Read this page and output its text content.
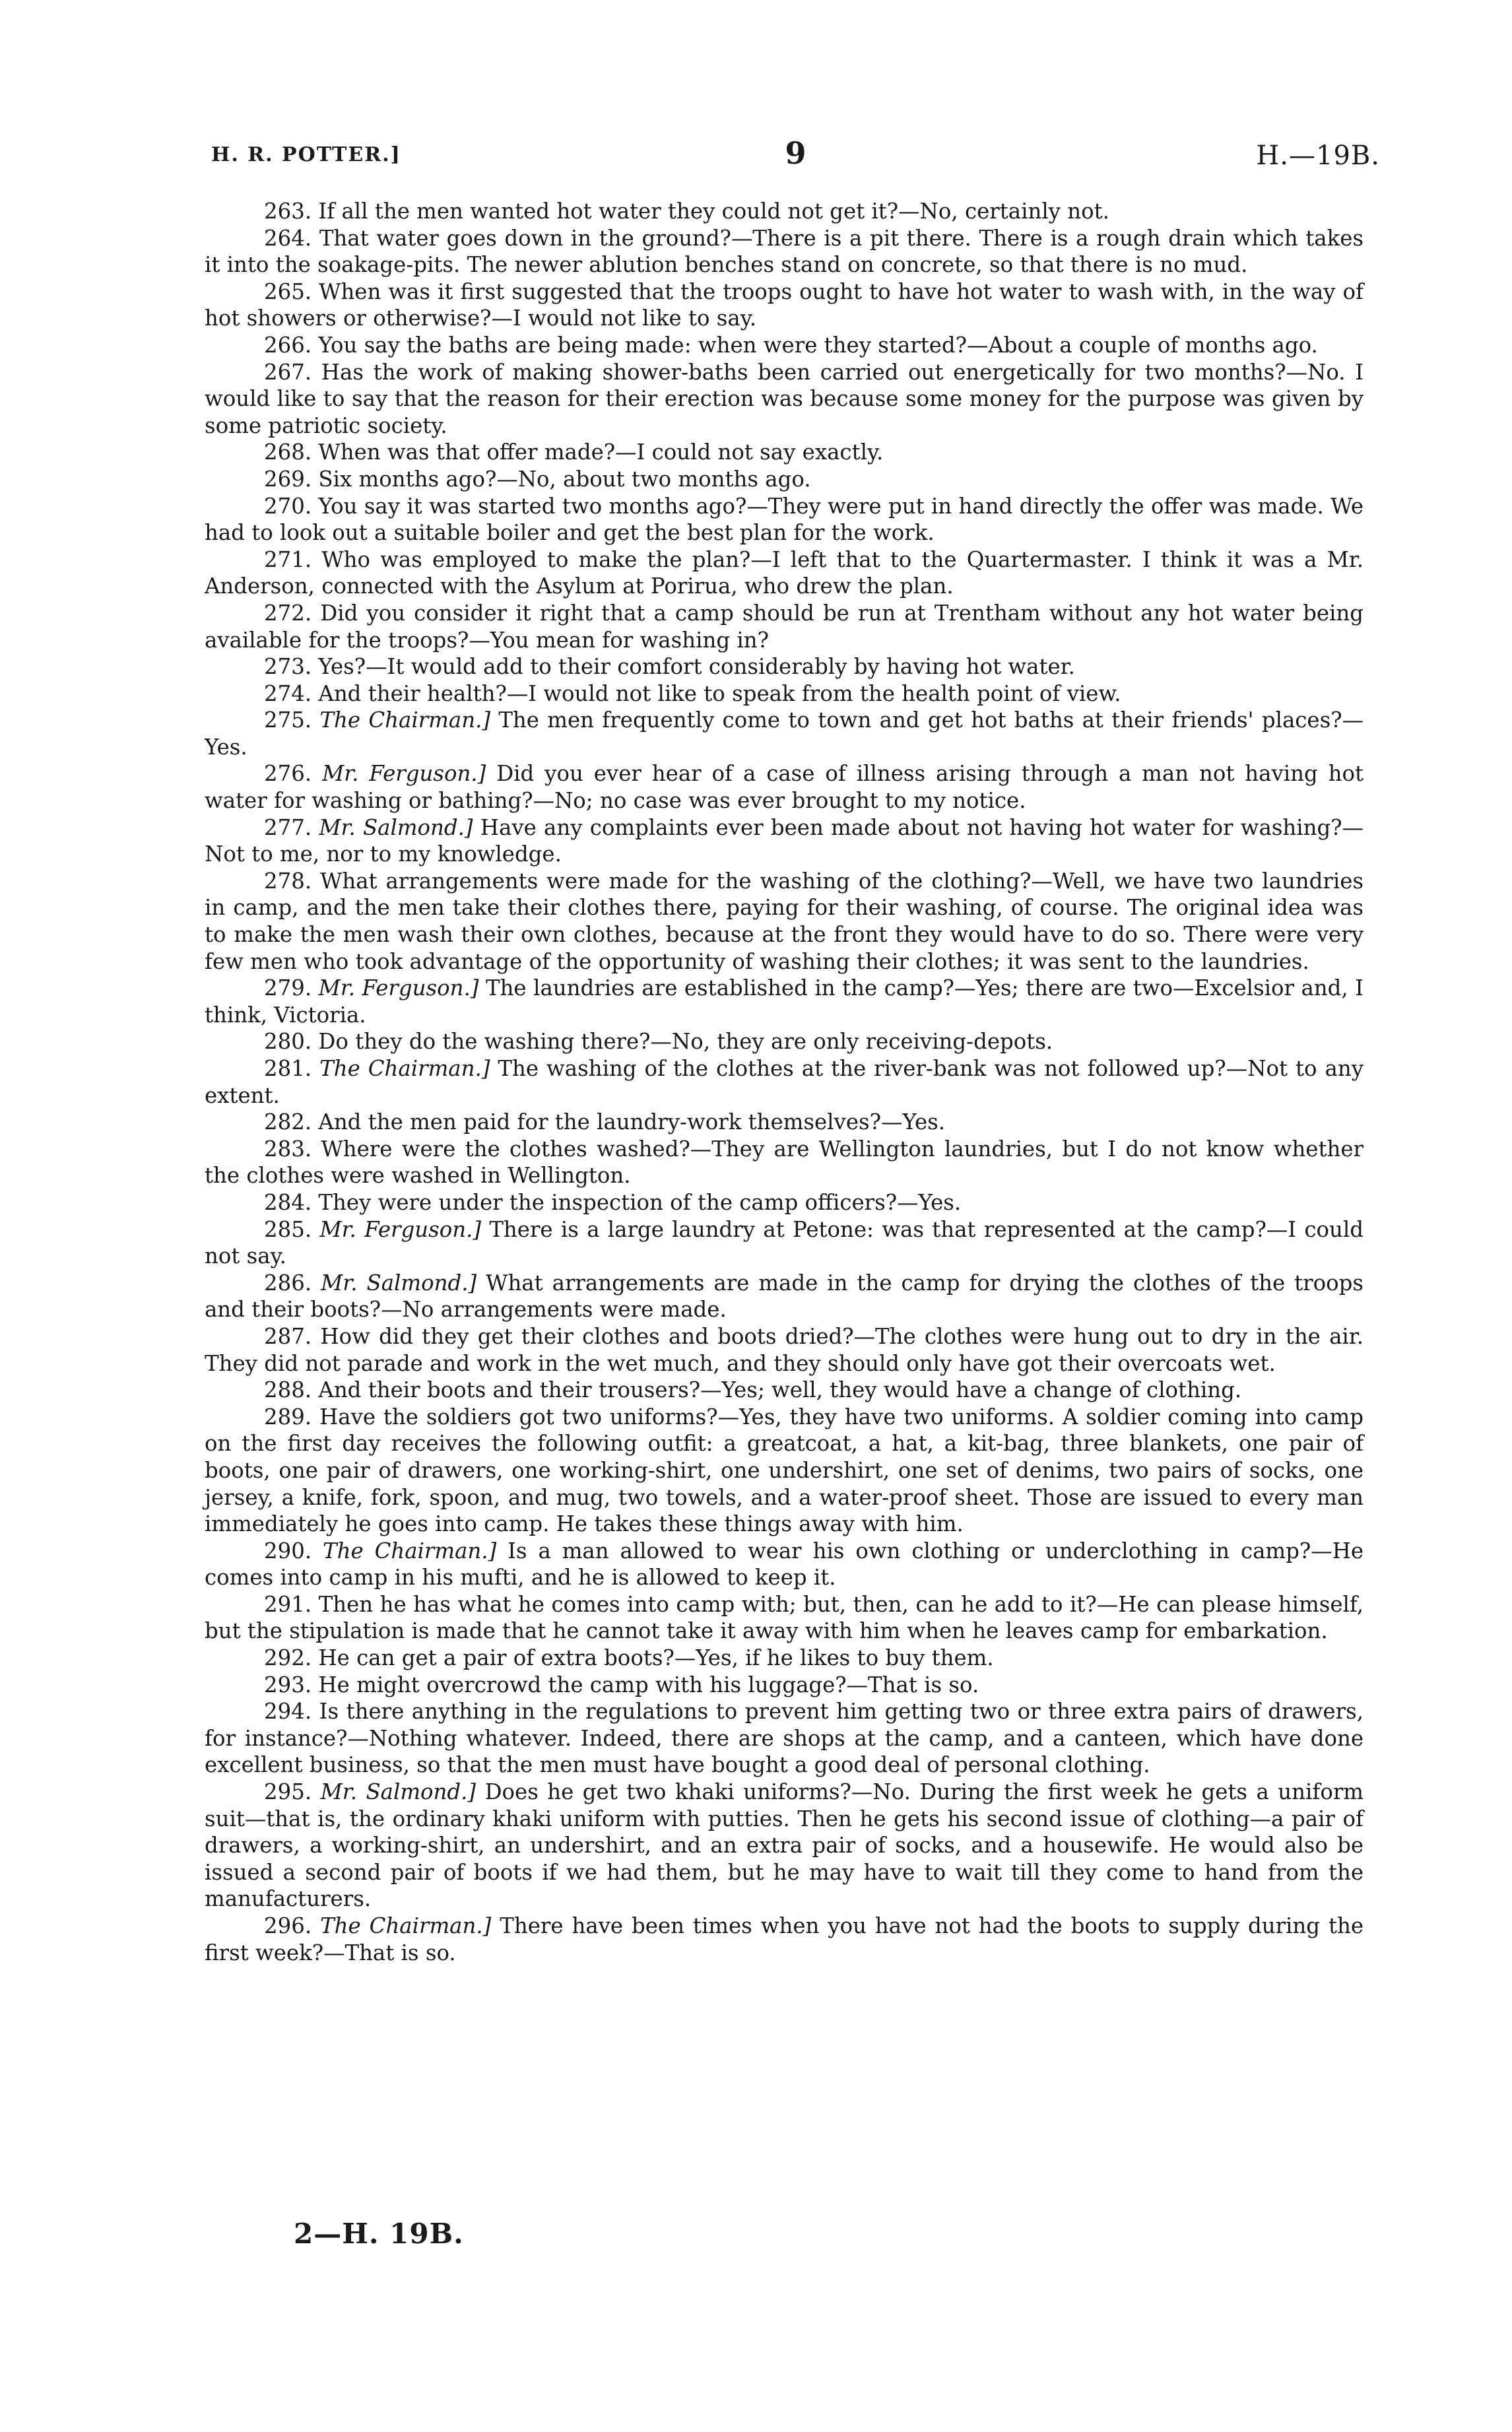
H. R. POTTER.]	9	H.—19B.

263. If all the men wanted hot water they could not get it?—No, certainly not.

264. That water goes down in the ground?—There is a pit there. There is a rough drain which takes it into the soakage-pits. The newer ablution benches stand on concrete, so that there is no mud.

265. When was it first suggested that the troops ought to have hot water to wash with, in the way of hot showers or otherwise?—I would not like to say.

266. You say the baths are being made: when were they started?—About a couple of months ago.

267. Has the work of making shower-baths been carried out energetically for two months?—No. I would like to say that the reason for their erection was because some money for the purpose was given by some patriotic society.

268. When was that offer made?—I could not say exactly.

269. Six months ago?—No, about two months ago.

270. You say it was started two months ago?—They were put in hand directly the offer was made. We had to look out a suitable boiler and get the best plan for the work.

271. Who was employed to make the plan?—I left that to the Quartermaster. I think it was a Mr. Anderson, connected with the Asylum at Porirua, who drew the plan.

272. Did you consider it right that a camp should be run at Trentham without any hot water being available for the troops?—You mean for washing in?

273. Yes?—It would add to their comfort considerably by having hot water.

274. And their health?—I would not like to speak from the health point of view.

275. The Chairman.] The men frequently come to town and get hot baths at their friends' places?—Yes.

276. Mr. Ferguson.] Did you ever hear of a case of illness arising through a man not having hot water for washing or bathing?—No; no case was ever brought to my notice.

277. Mr. Salmond.] Have any complaints ever been made about not having hot water for washing?—Not to me, nor to my knowledge.

278. What arrangements were made for the washing of the clothing?—Well, we have two laundries in camp, and the men take their clothes there, paying for their washing, of course. The original idea was to make the men wash their own clothes, because at the front they would have to do so. There were very few men who took advantage of the opportunity of washing their clothes; it was sent to the laundries.

279. Mr. Ferguson.] The laundries are established in the camp?—Yes; there are two—Excelsior and, I think, Victoria.

280. Do they do the washing there?—No, they are only receiving-depots.

281. The Chairman.] The washing of the clothes at the river-bank was not followed up?—Not to any extent.

282. And the men paid for the laundry-work themselves?—Yes.

283. Where were the clothes washed?—They are Wellington laundries, but I do not know whether the clothes were washed in Wellington.

284. They were under the inspection of the camp officers?—Yes.

285. Mr. Ferguson.] There is a large laundry at Petone: was that represented at the camp?—I could not say.

286. Mr. Salmond.] What arrangements are made in the camp for drying the clothes of the troops and their boots?—No arrangements were made.

287. How did they get their clothes and boots dried?—The clothes were hung out to dry in the air. They did not parade and work in the wet much, and they should only have got their overcoats wet.

288. And their boots and their trousers?—Yes; well, they would have a change of clothing.

289. Have the soldiers got two uniforms?—Yes, they have two uniforms. A soldier coming into camp on the first day receives the following outfit: a greatcoat, a hat, a kit-bag, three blankets, one pair of boots, one pair of drawers, one working-shirt, one undershirt, one set of denims, two pairs of socks, one jersey, a knife, fork, spoon, and mug, two towels, and a water-proof sheet. Those are issued to every man immediately he goes into camp. He takes these things away with him.

290. The Chairman.] Is a man allowed to wear his own clothing or underclothing in camp?—He comes into camp in his mufti, and he is allowed to keep it.

291. Then he has what he comes into camp with; but, then, can he add to it?—He can please himself, but the stipulation is made that he cannot take it away with him when he leaves camp for embarkation.

292. He can get a pair of extra boots?—Yes, if he likes to buy them.

293. He might overcrowd the camp with his luggage?—That is so.

294. Is there anything in the regulations to prevent him getting two or three extra pairs of drawers, for instance?—Nothing whatever. Indeed, there are shops at the camp, and a canteen, which have done excellent business, so that the men must have bought a good deal of personal clothing.

295. Mr. Salmond.] Does he get two khaki uniforms?—No. During the first week he gets a uniform suit—that is, the ordinary khaki uniform with putties. Then he gets his second issue of clothing—a pair of drawers, a working-shirt, an undershirt, and an extra pair of socks, and a housewife. He would also be issued a second pair of boots if we had them, but he may have to wait till they come to hand from the manufacturers.

296. The Chairman.] There have been times when you have not had the boots to supply during the first week?—That is so.

2—H. 19B.
